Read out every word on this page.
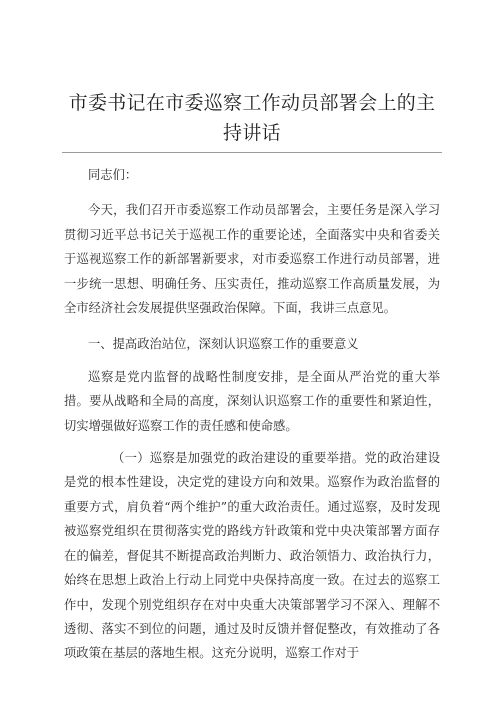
市委书记在市委巡察工作动员部署会上的主持讲话

同志们：

今天，我们召开市委巡察工作动员部署会，主要任务是深入学习贯彻习近平总书记关于巡视工作的重要论述，全面落实中央和省委关于巡视巡察工作的新部署新要求，对市委巡察工作进行动员部署，进一步统一思想、明确任务、压实责任，推动巡察工作高质量发展，为全市经济社会发展提供坚强政治保障。下面，我讲三点意见。

一、提高政治站位，深刻认识巡察工作的重要意义

巡察是党内监督的战略性制度安排，是全面从严治党的重大举措。要从战略和全局的高度，深刻认识巡察工作的重要性和紧迫性，切实增强做好巡察工作的责任感和使命感。

（一）巡察是加强党的政治建设的重要举措。党的政治建设是党的根本性建设，决定党的建设方向和效果。巡察作为政治监督的重要方式，肩负着“两个维护”的重大政治责任。通过巡察，及时发现被巡察党组织在贯彻落实党的路线方针政策和党中央决策部署方面存在的偏差，督促其不断提高政治判断力、政治领悟力、政治执行力，始终在思想上政治上行动上同党中央保持高度一致。在过去的巡察工作中，发现个别党组织存在对中央重大决策部署学习不深入、理解不透彻、落实不到位的问题，通过及时反馈并督促整改，有效推动了各项政策在基层的落地生根。这充分说明，巡察工作对于
